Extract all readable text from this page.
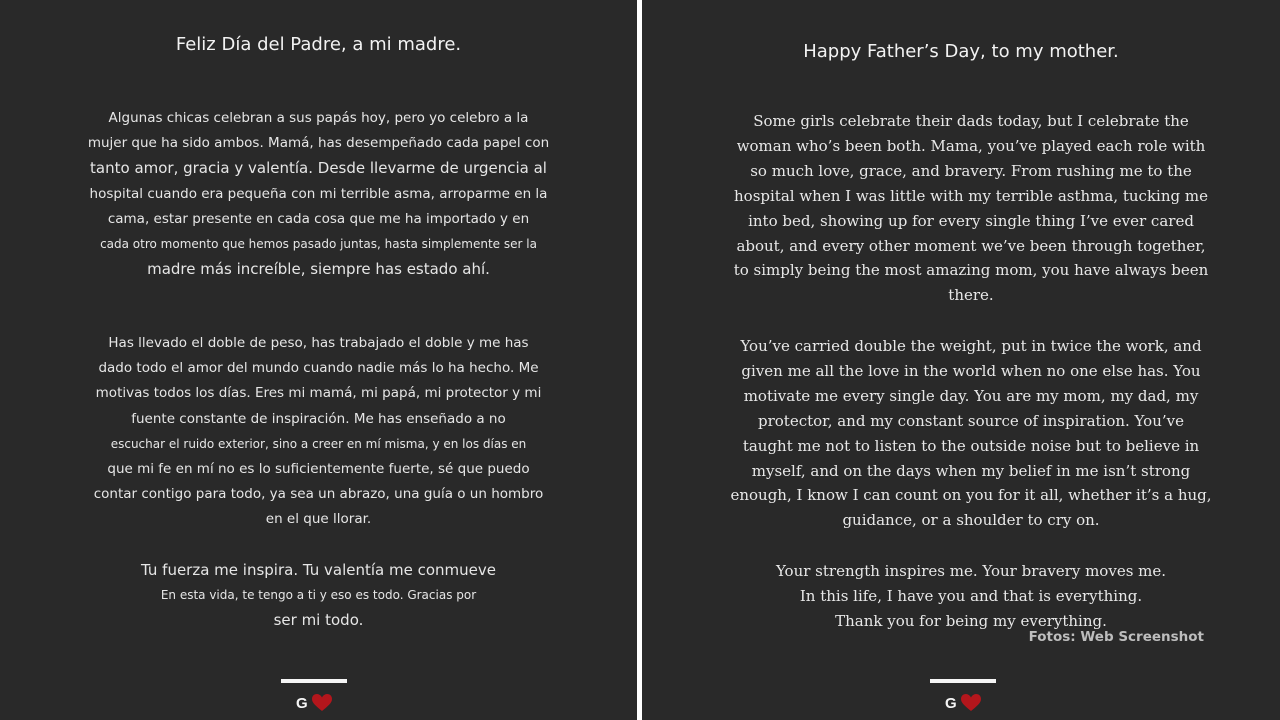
Feliz Día del Padre, a mi madre.
Algunas chicas celebran a sus papás hoy, pero yo celebro a la
mujer que ha sido ambos. Mamá, has desempeñado cada papel con
tanto amor, gracia y valentía. Desde llevarme de urgencia al
hospital cuando era pequeña con mi terrible asma, arroparme en la
cama, estar presente en cada cosa que me ha importado y en
cada otro momento que hemos pasado juntas, hasta simplemente ser la
madre más increíble, siempre has estado ahí.
Has llevado el doble de peso, has trabajado el doble y me has
dado todo el amor del mundo cuando nadie más lo ha hecho. Me
motivas todos los días. Eres mi mamá, mi papá, mi protector y mi
fuente constante de inspiración. Me has enseñado a no
escuchar el ruido exterior, sino a creer en mí misma, y en los días en
que mi fe en mí no es lo suficientemente fuerte, sé que puedo
contar contigo para todo, ya sea un abrazo, una guía o un hombro
en el que llorar.
Tu fuerza me inspira. Tu valentía me conmueve
En esta vida, te tengo a ti y eso es todo. Gracias por
ser mi todo.
G
Happy Father’s Day, to my mother.
Some girls celebrate their dads today, but I celebrate the
woman who’s been both. Mama, you’ve played each role with
so much love, grace, and bravery. From rushing me to the
hospital when I was little with my terrible asthma, tucking me
into bed, showing up for every single thing I’ve ever cared
about, and every other moment we’ve been through together,
to simply being the most amazing mom, you have always been
there.
You’ve carried double the weight, put in twice the work, and
given me all the love in the world when no one else has. You
motivate me every single day. You are my mom, my dad, my
protector, and my constant source of inspiration. You’ve
taught me not to listen to the outside noise but to believe in
myself, and on the days when my belief in me isn’t strong
enough, I know I can count on you for it all, whether it’s a hug,
guidance, or a shoulder to cry on.
Your strength inspires me. Your bravery moves me.
In this life, I have you and that is everything.
Thank you for being my everything.
Fotos: Web Screenshot
G
